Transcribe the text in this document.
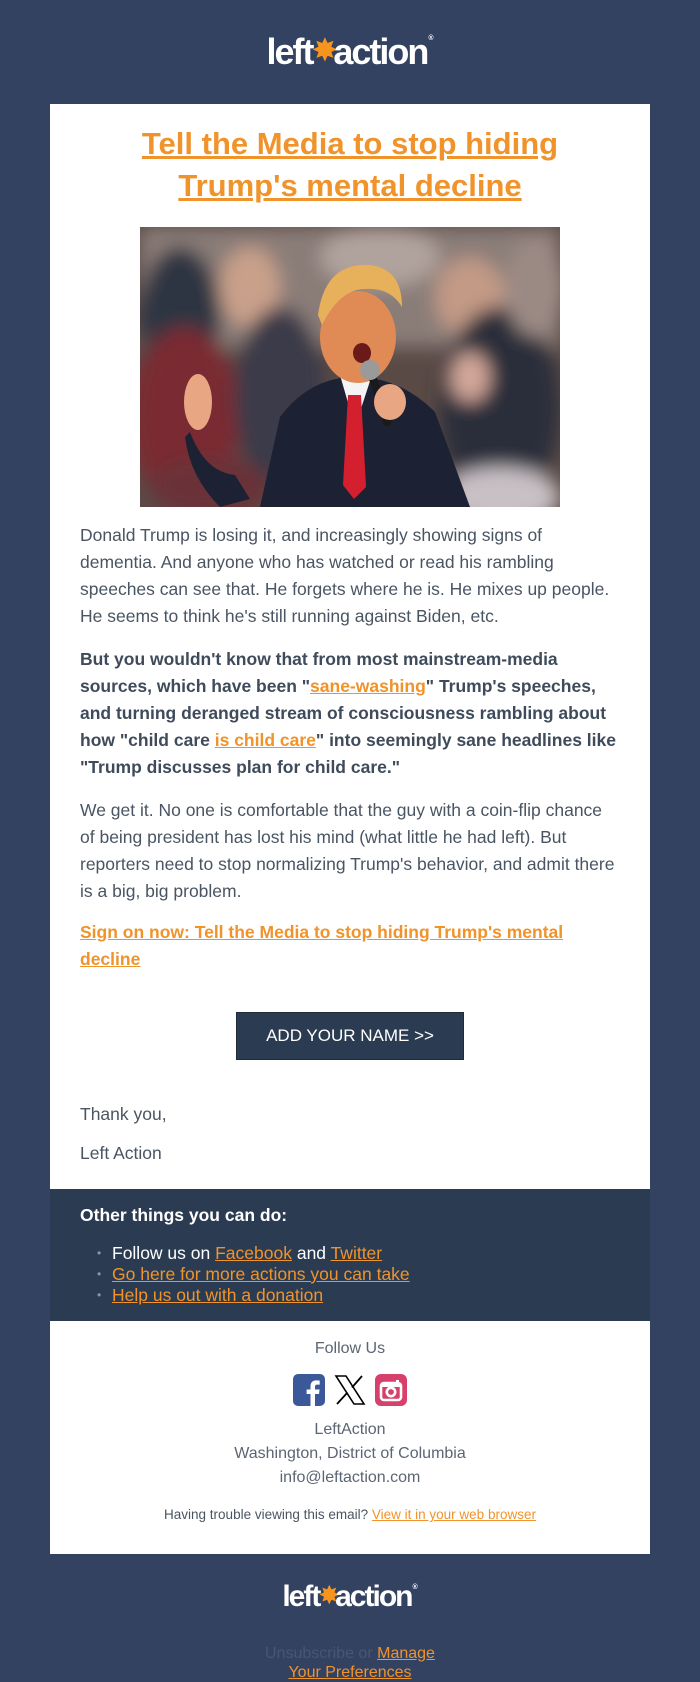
left ✸
action ®
Tell the Media to stop hiding Trump's mental decline

Donald Trump is losing it, and increasingly showing signs of dementia. And anyone who has watched or read his rambling speeches can see that. He forgets where he is. He mixes up people. He seems to think he's still running against Biden, etc.

But you wouldn't know that from most mainstream-media sources, which have been "sane-washing" Trump's speeches, and turning deranged stream of consciousness rambling about how "child care is child care" into seemingly sane headlines like "Trump discusses plan for child care."

We get it. No one is comfortable that the guy with a coin-flip chance of being president has lost his mind (what little he had left). But reporters need to stop normalizing Trump's behavior, and admit there is a big, big problem.

Sign on now: Tell the Media to stop hiding Trump's mental decline
ADD YOUR NAME >>

Thank you,

Left Action

Other things you can do:
• Follow us on Facebook and Twitter
• Go here for more actions you can take
• Help us out with a donation

Follow Us

LeftAction

Washington, District of Columbia

info@leftaction.com

Having trouble viewing this email? View it in your web browser

left ✸
action ®
Unsubscribe or Manage
Your Preferences
